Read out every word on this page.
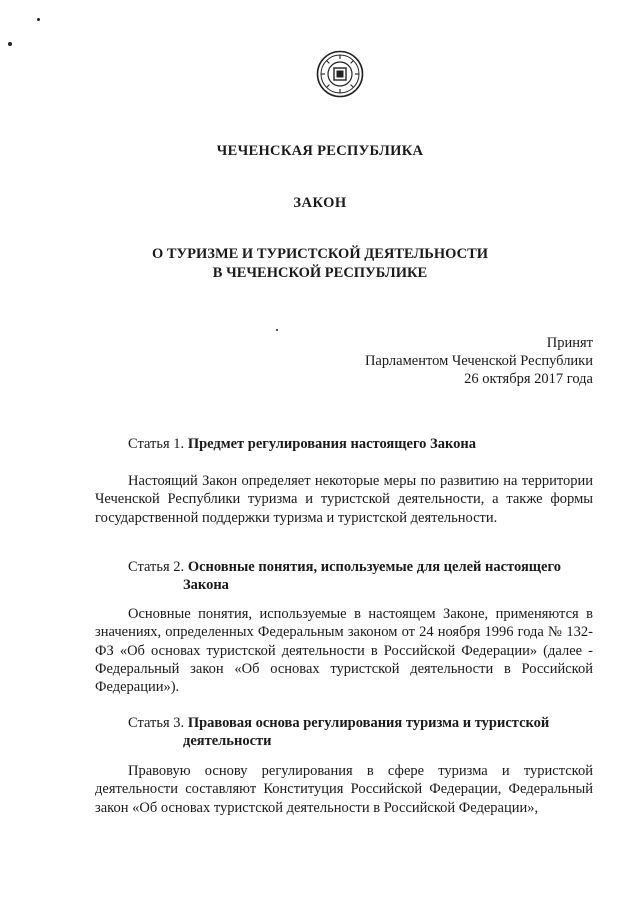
ЧЕЧЕНСКАЯ РЕСПУБЛИКА
ЗАКОН
О ТУРИЗМЕ И ТУРИСТСКОЙ ДЕЯТЕЛЬНОСТИ
В ЧЕЧЕНСКОЙ РЕСПУБЛИКЕ
Принят
Парламентом Чеченской Республики
26 октября 2017 года
Статья 1. Предмет регулирования настоящего Закона
Настоящий Закон определяет некоторые меры по развитию на территории Чеченской Республики туризма и туристской деятельности, а также формы государственной поддержки туризма и туристской деятельности.
Статья 2. Основные понятия, используемые для целей настоящего
Закона
Основные понятия, используемые в настоящем Законе, применяются в значениях, определенных Федеральным законом от 24 ноября 1996 года № 132-ФЗ «Об основах туристской деятельности в Российской Федерации» (далее - Федеральный закон «Об основах туристской деятельности в Российской Федерации»).
Статья 3. Правовая основа регулирования туризма и туристской
деятельности
Правовую основу регулирования в сфере туризма и туристской деятельности составляют Конституция Российской Федерации, Федеральный закон «Об основах туристской деятельности в Российской Федерации»,
